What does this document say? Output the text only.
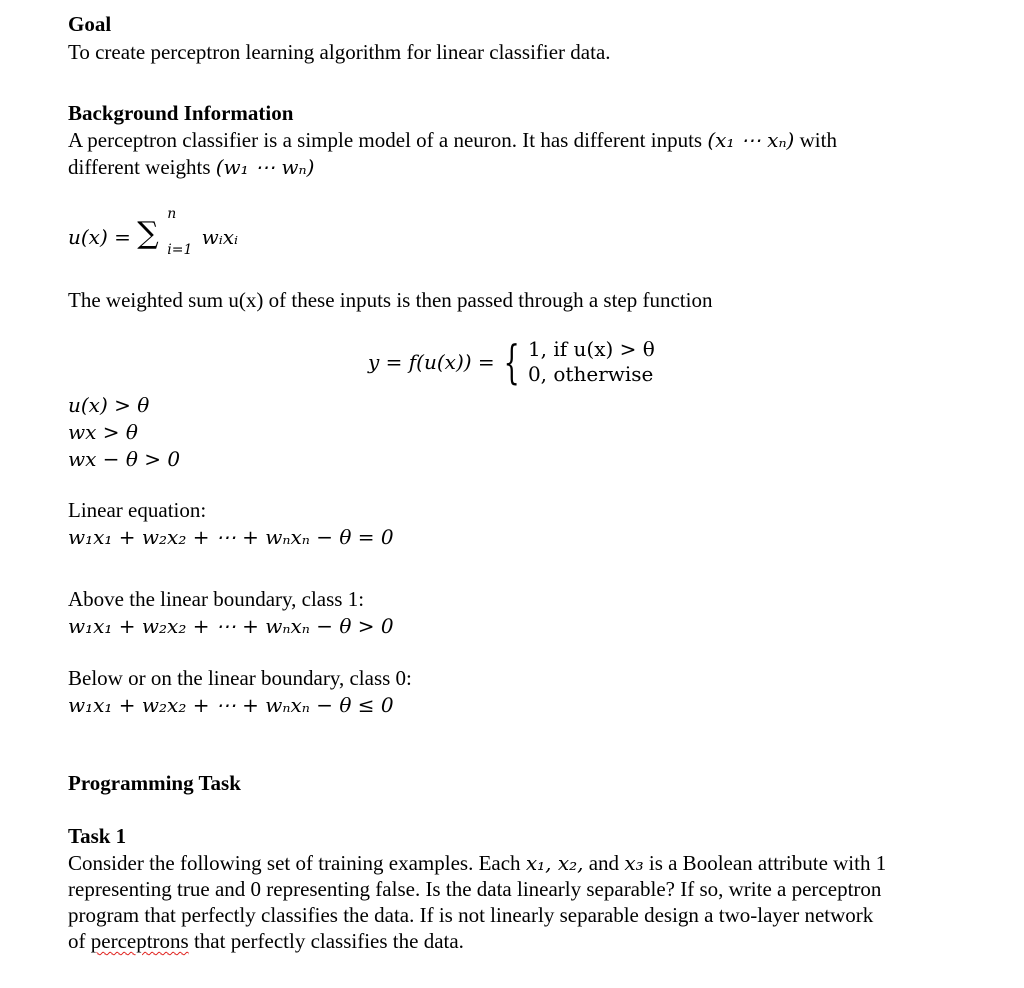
Goal
To create perceptron learning algorithm for linear classifier data.
Background Information
A perceptron classifier is a simple model of a neuron. It has different inputs (x₁ ⋯ xₙ) with
different weights (w₁ ⋯ wₙ)
u(x) = ∑
n
i=1
wᵢxᵢ
The weighted sum u(x) of these inputs is then passed through a step function
y = f(u(x)) = { 1, if u(x) > θ
0, otherwise
u(x) > θ
wx > θ
wx − θ > 0
Linear equation:
w₁x₁ + w₂x₂ + ⋯ + wₙxₙ − θ = 0
Above the linear boundary, class 1:
w₁x₁ + w₂x₂ + ⋯ + wₙxₙ − θ > 0
Below or on the linear boundary, class 0:
w₁x₁ + w₂x₂ + ⋯ + wₙxₙ − θ ≤ 0
Programming Task
Task 1
Consider the following set of training examples. Each x₁, x₂, and x₃ is a Boolean attribute with 1
representing true and 0 representing false. Is the data linearly separable? If so, write a perceptron
program that perfectly classifies the data. If is not linearly separable design a two-layer network
of perceptrons that perfectly classifies the data.
